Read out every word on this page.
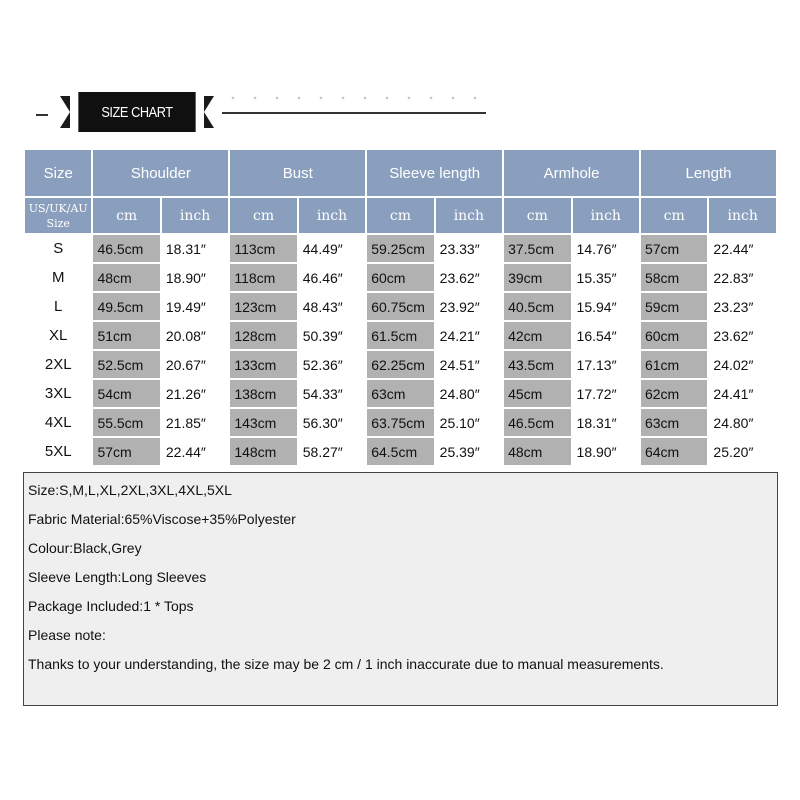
SIZE CHART
Size	Shoulder		Bust		Sleeve length		Armhole		Length	
US/UK/AU
Size	cm	inch	cm	inch	cm	inch	cm	inch	cm	inch
S	46.5cm	18.31″	113cm	44.49″	59.25cm	23.33″	37.5cm	14.76″	57cm	22.44″
M	48cm	18.90″	118cm	46.46″	60cm	23.62″	39cm	15.35″	58cm	22.83″
L	49.5cm	19.49″	123cm	48.43″	60.75cm	23.92″	40.5cm	15.94″	59cm	23.23″
XL	51cm	20.08″	128cm	50.39″	61.5cm	24.21″	42cm	16.54″	60cm	23.62″
2XL	52.5cm	20.67″	133cm	52.36″	62.25cm	24.51″	43.5cm	17.13″	61cm	24.02″
3XL	54cm	21.26″	138cm	54.33″	63cm	24.80″	45cm	17.72″	62cm	24.41″
4XL	55.5cm	21.85″	143cm	56.30″	63.75cm	25.10″	46.5cm	18.31″	63cm	24.80″
5XL	57cm	22.44″	148cm	58.27″	64.5cm	25.39″	48cm	18.90″	64cm	25.20″
Size:S,M,L,XL,2XL,3XL,4XL,5XL
Fabric Material:65%Viscose+35%Polyester
Colour:Black,Grey
Sleeve Length:Long Sleeves
Package Included:1 * Tops
Please note:
Thanks to your understanding, the size may be 2 cm / 1 inch inaccurate due to manual measurements.
